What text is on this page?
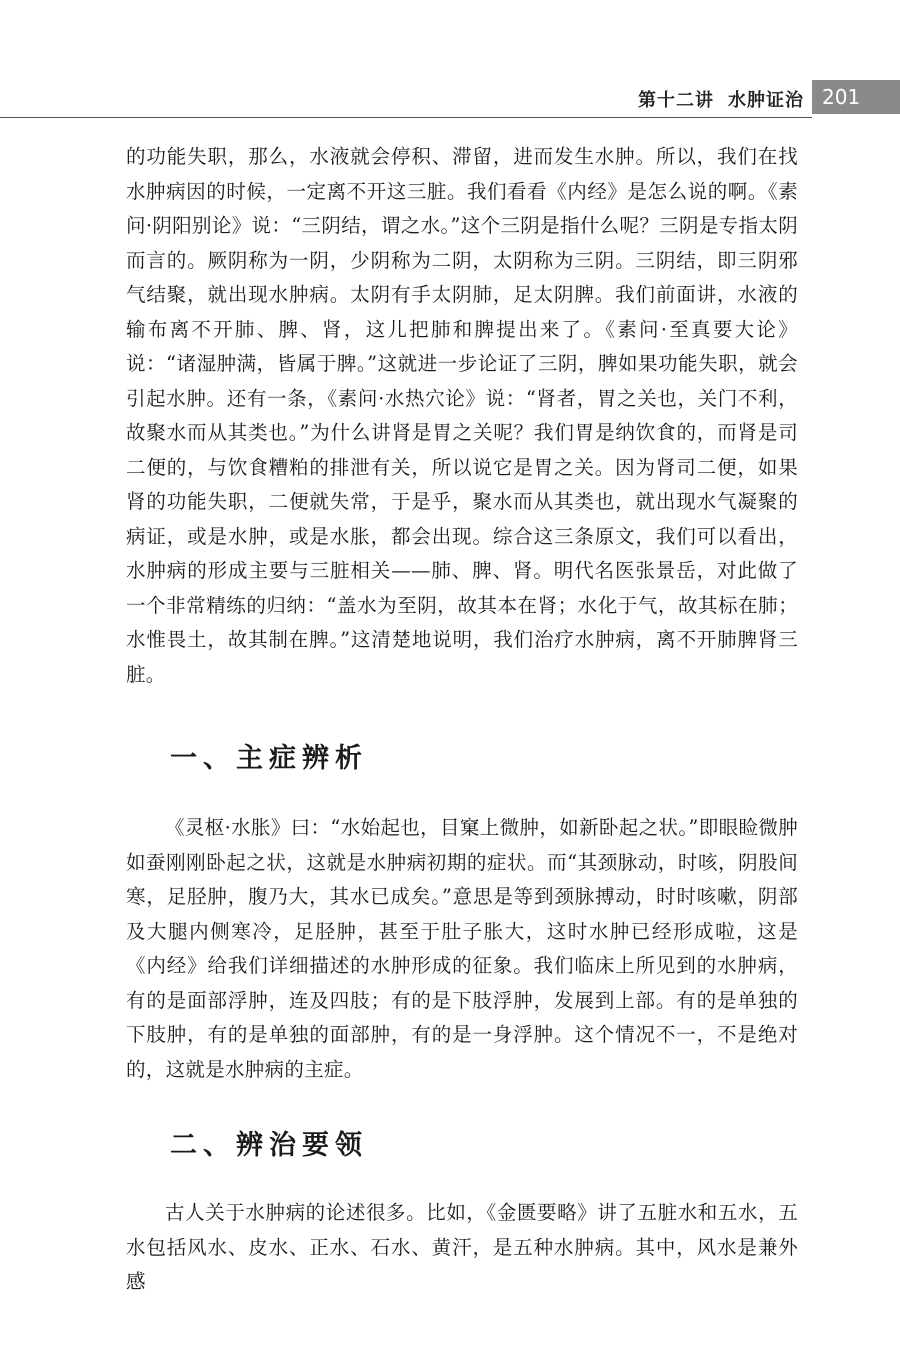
第十二讲 水肿证治 201

的功能失职，那么，水液就会停积、滞留，进而发生水肿。所以，我们在找水肿病因的时候，一定离不开这三脏。我们看看《内经》是怎么说的啊。《素问·阴阳别论》说：“三阴结，谓之水。”这个三阴是指什么呢？三阴是专指太阴而言的。厥阴称为一阴，少阴称为二阴，太阴称为三阴。三阴结，即三阴邪气结聚，就出现水肿病。太阴有手太阴肺，足太阴脾。我们前面讲，水液的输布离不开肺、脾、肾，这儿把肺和脾提出来了。《素问·至真要大论》说：“诸湿肿满，皆属于脾。”这就进一步论证了三阴，脾如果功能失职，就会引起水肿。还有一条，《素问·水热穴论》说：“肾者，胃之关也，关门不利，故聚水而从其类也。”为什么讲肾是胃之关呢？我们胃是纳饮食的，而肾是司二便的，与饮食糟粕的排泄有关，所以说它是胃之关。因为肾司二便，如果肾的功能失职，二便就失常，于是乎，聚水而从其类也，就出现水气凝聚的病证，或是水肿，或是水胀，都会出现。综合这三条原文，我们可以看出，水肿病的形成主要与三脏相关——肺、脾、肾。明代名医张景岳，对此做了一个非常精练的归纳：“盖水为至阴，故其本在肾；水化于气，故其标在肺；水惟畏土，故其制在脾。”这清楚地说明，我们治疗水肿病，离不开肺脾肾三脏。

一、主症辨析

《灵枢·水胀》曰：“水始起也，目窠上微肿，如新卧起之状。”即眼睑微肿如蚕刚刚卧起之状，这就是水肿病初期的症状。而“其颈脉动，时咳，阴股间寒，足胫肿，腹乃大，其水已成矣。”意思是等到颈脉搏动，时时咳嗽，阴部及大腿内侧寒冷，足胫肿，甚至于肚子胀大，这时水肿已经形成啦，这是《内经》给我们详细描述的水肿形成的征象。我们临床上所见到的水肿病，有的是面部浮肿，连及四肢；有的是下肢浮肿，发展到上部。有的是单独的下肢肿，有的是单独的面部肿，有的是一身浮肿。这个情况不一，不是绝对的，这就是水肿病的主症。

二、辨治要领

古人关于水肿病的论述很多。比如，《金匮要略》讲了五脏水和五水，五水包括风水、皮水、正水、石水、黄汗，是五种水肿病。其中，风水是兼外感
